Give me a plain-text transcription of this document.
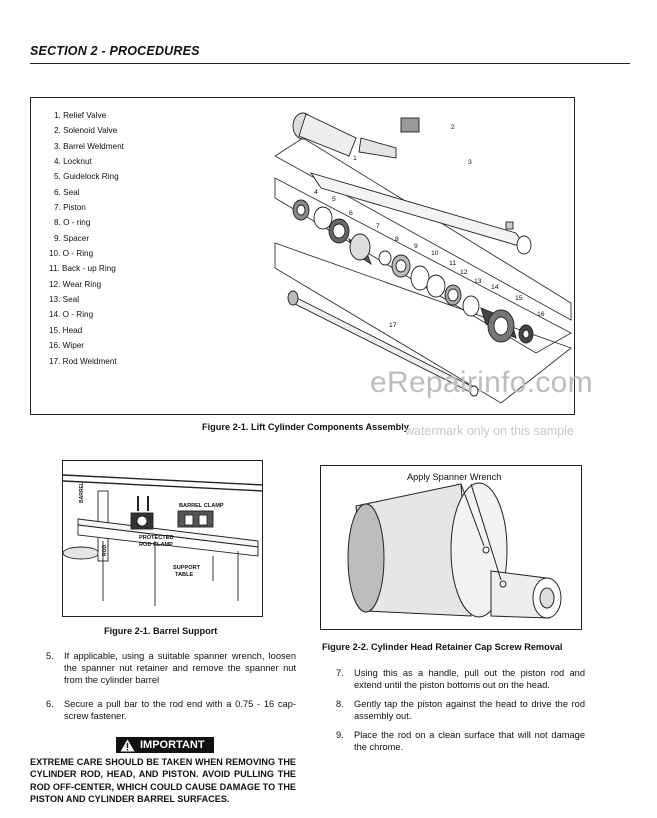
SECTION 2 - PROCEDURES
1. Relief Valve
2. Solenoid Valve
3. Barrel Weldment
4. Locknut
5. Guidelock Ring
6. Seal
7. Piston
8. O - ring
9. Spacer
10. O - Ring
11. Back - up Ring
12. Wear Ring
13. Seal
14. O - Ring
15. Head
16. Wiper
17. Rod Weldment
1
2
3
4
5
6
7
8
9
10
11
12
13
14
15
16
17
Figure 2-1. Lift Cylinder Components Assembly
eRepairinfo.com
watermark only on this sample
BARREL CLAMP
PROTECTED
ROD CLAMP
SUPPORT
TABLE
ROD
BARREL
Figure 2-1. Barrel Support
Apply Spanner Wrench
Figure 2-2. Cylinder Head Retainer Cap Screw Removal
5. If applicable, using a suitable spanner wrench, loosen the spanner nut retainer and remove the spanner nut from the cylinder barrel
6. Secure a pull bar to the rod end with a 0.75 - 16 cap-screw fastener.
7. Using this as a handle, pull out the piston rod and extend until the piston bottoms out on the head.
8. Gently tap the piston against the head to drive the rod assembly out.
9. Place the rod on a clean surface that will not damage the chrome.
IMPORTANT
EXTREME CARE SHOULD BE TAKEN WHEN REMOVING THE CYLINDER ROD, HEAD, AND PISTON. AVOID PULLING THE ROD OFF-CENTER, WHICH COULD CAUSE DAMAGE TO THE PISTON AND CYLINDER BARREL SURFACES.
